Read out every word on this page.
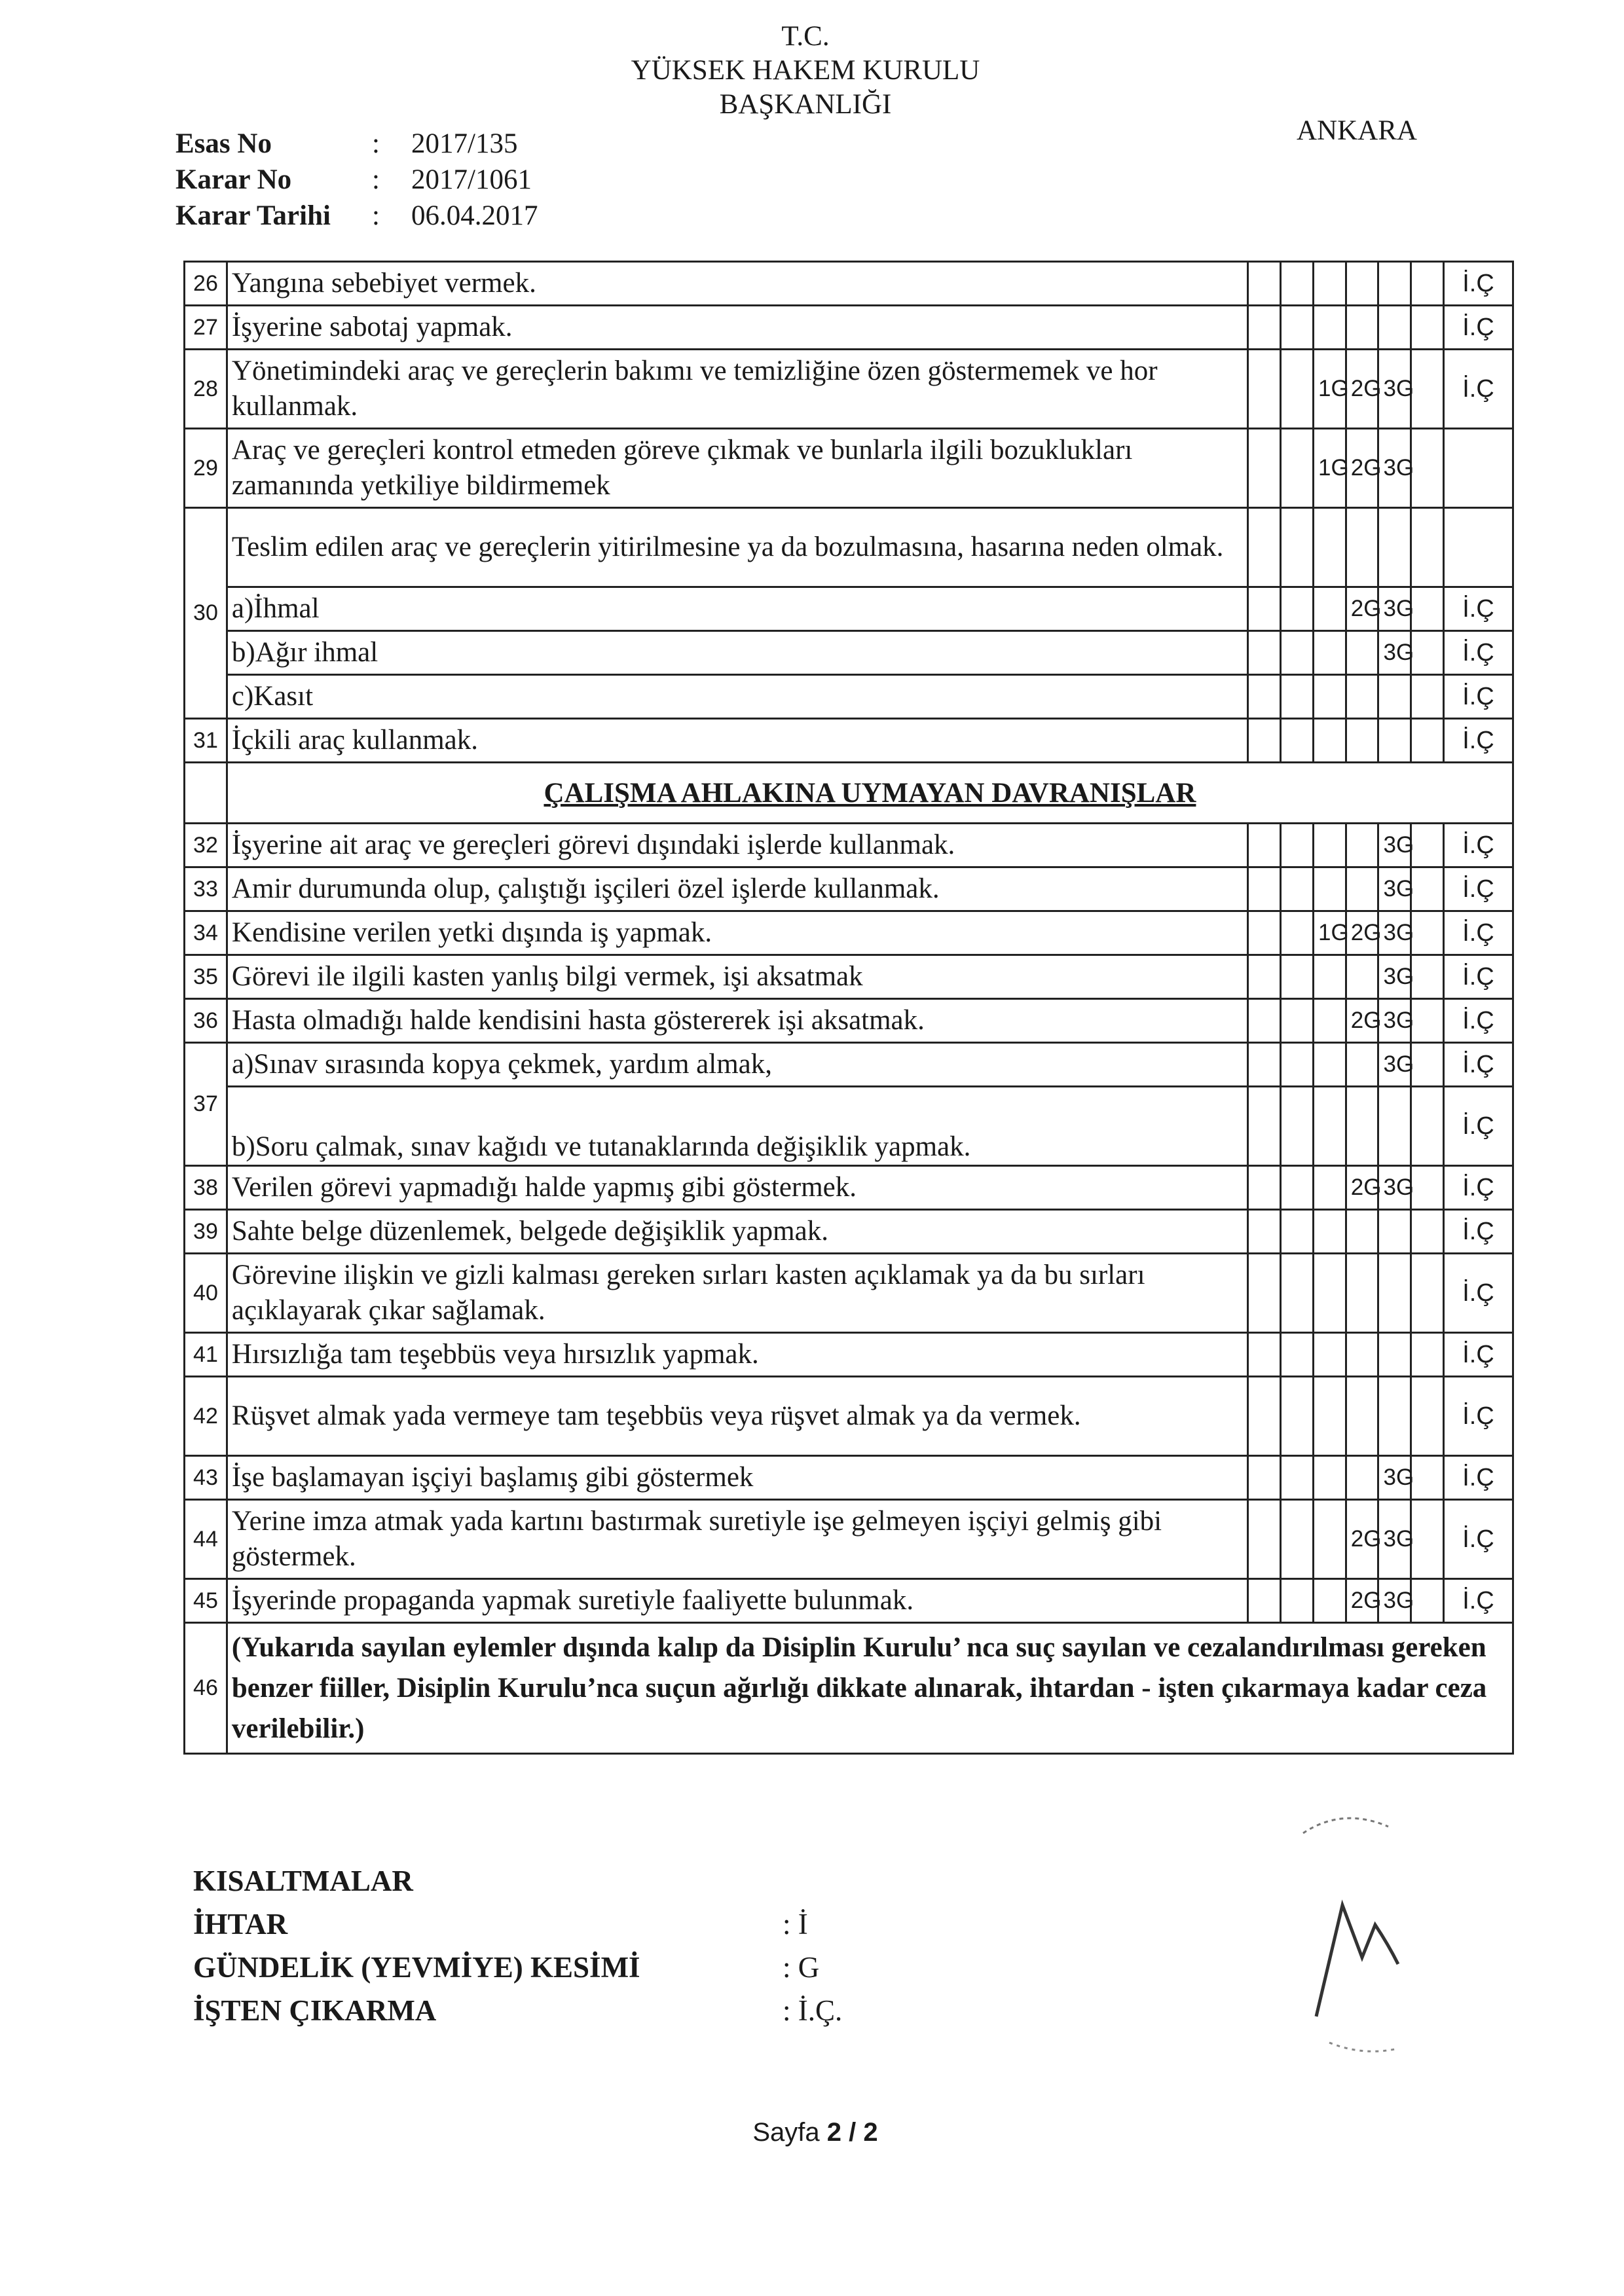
T.C.
YÜKSEK HAKEM KURULU
BAŞKANLIĞI
ANKARA
Esas No	:	2017/135
Karar No	:	2017/1061
Karar Tarihi	:	06.04.2017
26	Yangına sebebiyet vermek.							İ.Ç
27	İşyerine sabotaj yapmak.							İ.Ç
28	Yönetimindeki araç ve gereçlerin bakımı ve temizliğine özen göstermemek ve hor kullanmak.			1G	2G	3G		İ.Ç
29	Araç ve gereçleri kontrol etmeden göreve çıkmak ve bunlarla ilgili bozuklukları zamanında yetkiliye bildirmemek			1G	2G	3G		
30	Teslim edilen araç ve gereçlerin yitirilmesine ya da bozulmasına, hasarına neden olmak.							
	a)İhmal				2G	3G		İ.Ç
	b)Ağır ihmal					3G		İ.Ç
	c)Kasıt							İ.Ç
31	İçkili araç kullanmak.							İ.Ç
	ÇALIŞMA AHLAKINA UYMAYAN DAVRANIŞLAR							
32	İşyerine ait araç ve gereçleri görevi dışındaki işlerde kullanmak.					3G		İ.Ç
33	Amir durumunda olup, çalıştığı işçileri özel işlerde kullanmak.					3G		İ.Ç
34	Kendisine verilen yetki dışında iş yapmak.			1G	2G	3G		İ.Ç
35	Görevi ile ilgili kasten yanlış bilgi vermek, işi aksatmak					3G		İ.Ç
36	Hasta olmadığı halde kendisini hasta göstererek işi aksatmak.				2G	3G		İ.Ç
37	a)Sınav sırasında kopya çekmek, yardım almak,					3G		İ.Ç
	b)Soru çalmak, sınav kağıdı ve tutanaklarında değişiklik yapmak.							İ.Ç
38	Verilen görevi yapmadığı halde yapmış gibi göstermek.				2G	3G		İ.Ç
39	Sahte belge düzenlemek, belgede değişiklik yapmak.							İ.Ç
40	Görevine ilişkin ve gizli kalması gereken sırları kasten açıklamak ya da bu sırları açıklayarak çıkar sağlamak.							İ.Ç
41	Hırsızlığa tam teşebbüs veya hırsızlık yapmak.							İ.Ç
42	Rüşvet almak yada vermeye tam teşebbüs veya rüşvet almak ya da vermek.							İ.Ç
43	İşe başlamayan işçiyi başlamış gibi göstermek					3G		İ.Ç
44	Yerine imza atmak yada kartını bastırmak suretiyle işe gelmeyen işçiyi gelmiş gibi göstermek.				2G	3G		İ.Ç
45	İşyerinde propaganda yapmak suretiyle faaliyette bulunmak.				2G	3G		İ.Ç
46	(Yukarıda sayılan eylemler dışında kalıp da Disiplin Kurulu’ nca suç sayılan ve cezalandırılması gereken benzer fiiller, Disiplin Kurulu’nca suçun ağırlığı dikkate alınarak, ihtardan - işten çıkarmaya kadar ceza verilebilir.)							
KISALTMALAR
İHTAR	: İ
GÜNDELİK (YEVMİYE) KESİMİ	: G
İŞTEN ÇIKARMA	: İ.Ç.
Sayfa 2 / 2
